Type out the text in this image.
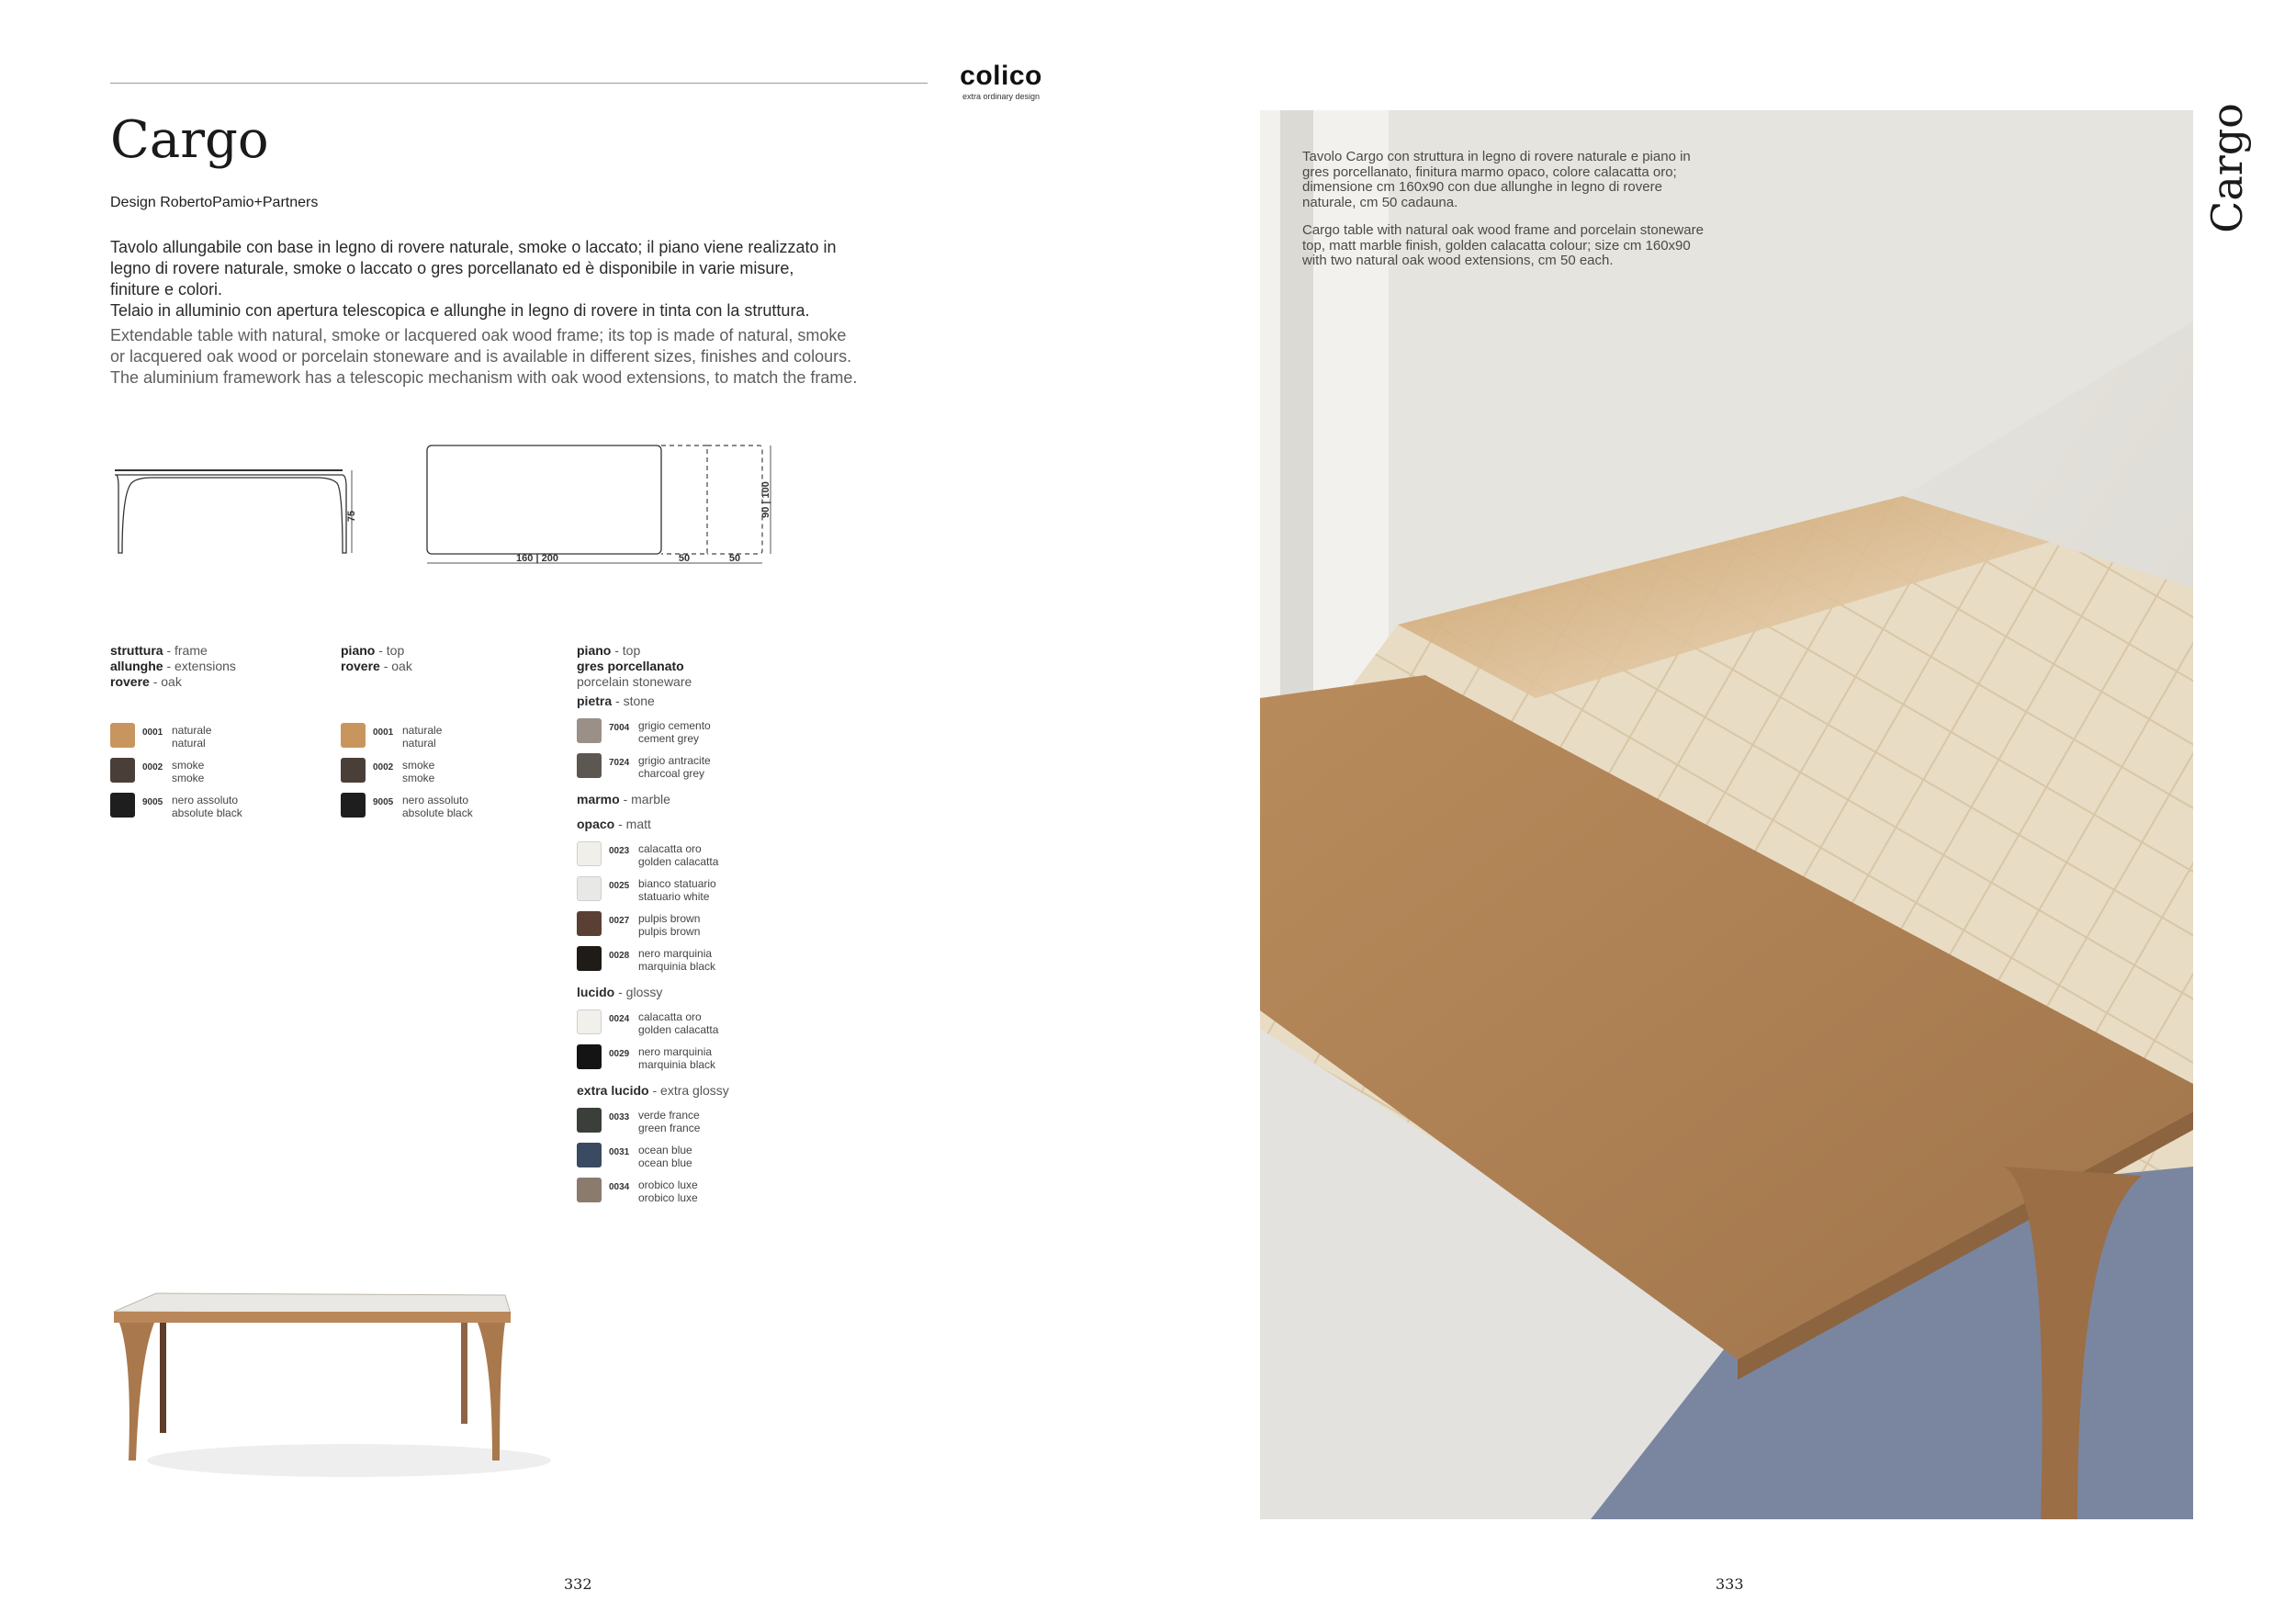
colico
extra ordinary design
Cargo
Design RobertoPamio+Partners

Tavolo allungabile con base in legno di rovere naturale, smoke o laccato; il piano viene realizzato in

legno di rovere naturale, smoke o laccato o gres porcellanato ed è disponibile in varie misure,

finiture e colori.

Telaio in alluminio con apertura telescopica e allunghe in legno di rovere in tinta con la struttura.

Extendable table with natural, smoke or lacquered oak wood frame; its top is made of natural, smoke

or lacquered oak wood or porcelain stoneware and is available in different sizes, finishes and colours.

The aluminium framework has a telescopic mechanism with oak wood extensions, to match the frame.

75
160 | 200	50	50
90 | 100
struttura - frame
allunghe - extensions
rovere - oak
0001 naturale
natural
0002 smoke
smoke
9005 nero assoluto
absolute black
piano - top
rovere - oak
0001 naturale
natural
0002 smoke
smoke
9005 nero assoluto
absolute black
piano - top
gres porcellanato
porcelain stoneware
pietra - stone
7004 grigio cemento
cement grey
7024 grigio antracite
charcoal grey
marmo - marble
opaco - matt
0023 calacatta oro
golden calacatta
0025 bianco statuario
statuario white
0027 pulpis brown
pulpis brown
0028 nero marquinia
marquinia black
lucido - glossy
0024 calacatta oro
golden calacatta
0029 nero marquinia
marquinia black
extra lucido - extra glossy
0033 verde france
green france
0031 ocean blue
ocean blue
0034 orobico luxe
orobico luxe

Tavolo Cargo con struttura in legno di rovere naturale e piano in gres porcellanato, finitura marmo opaco, colore calacatta oro; dimensione cm 160x90 con due allunghe in legno di rovere naturale, cm 50 cadauna.

Cargo table with natural oak wood frame and porcelain stoneware top, matt marble finish, golden calacatta colour; size cm 160x90 with two natural oak wood extensions, cm 50 each.

Cargo
332	333
